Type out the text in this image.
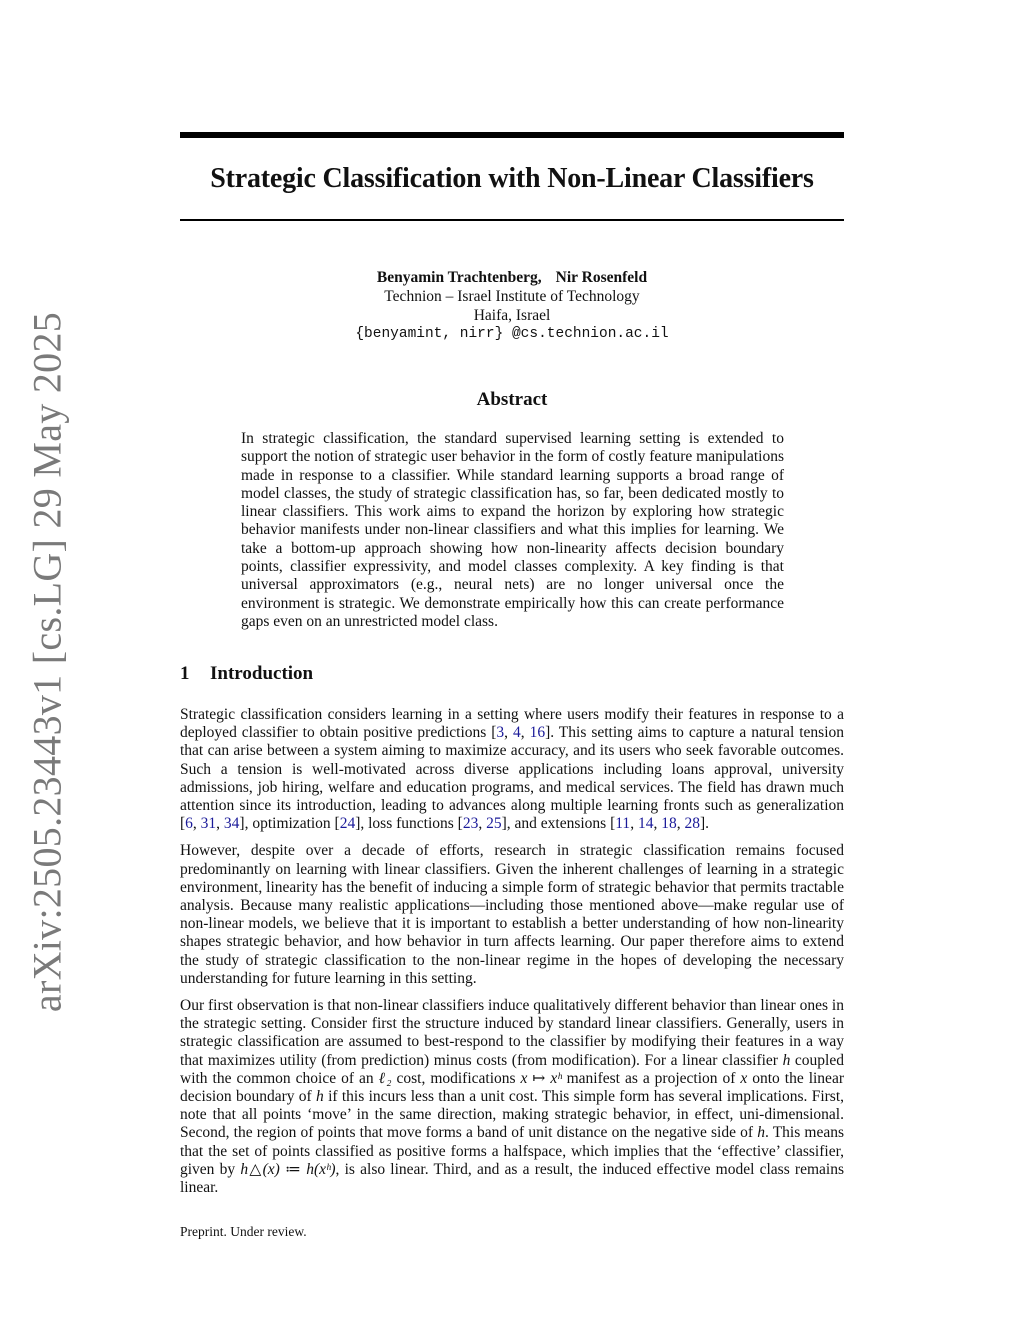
arXiv:2505.23443v1 [cs.LG] 29 May 2025
Strategic Classification with Non-Linear Classifiers
Benyamin Trachtenberg, Nir Rosenfeld
Technion – Israel Institute of Technology
Haifa, Israel
{benyamint, nirr} @cs.technion.ac.il
Abstract

In strategic classification, the standard supervised learning setting is extended to support the notion of strategic user behavior in the form of costly feature manipulations made in response to a classifier. While standard learning supports a broad range of model classes, the study of strategic classification has, so far, been dedicated mostly to linear classifiers. This work aims to expand the horizon by exploring how strategic behavior manifests under non-linear classifiers and what this implies for learning. We take a bottom-up approach showing how non-linearity affects decision boundary points, classifier expressivity, and model classes complexity. A key finding is that universal approximators (e.g., neural nets) are no longer universal once the environment is strategic. We demonstrate empirically how this can create performance gaps even on an unrestricted model class.

1 Introduction

Strategic classification considers learning in a setting where users modify their features in response to a deployed classifier to obtain positive predictions [3, 4, 16]. This setting aims to capture a natural tension that can arise between a system aiming to maximize accuracy, and its users who seek favorable outcomes. Such a tension is well-motivated across diverse applications including loans approval, university admissions, job hiring, welfare and education programs, and medical services. The field has drawn much attention since its introduction, leading to advances along multiple learning fronts such as generalization [6, 31, 34], optimization [24], loss functions [23, 25], and extensions [11, 14, 18, 28].

However, despite over a decade of efforts, research in strategic classification remains focused predominantly on learning with linear classifiers. Given the inherent challenges of learning in a strategic environment, linearity has the benefit of inducing a simple form of strategic behavior that permits tractable analysis. Because many realistic applications—including those mentioned above—make regular use of non-linear models, we believe that it is important to establish a better understanding of how non-linearity shapes strategic behavior, and how behavior in turn affects learning. Our paper therefore aims to extend the study of strategic classification to the non-linear regime in the hopes of developing the necessary understanding for future learning in this setting.

Our first observation is that non-linear classifiers induce qualitatively different behavior than linear ones in the strategic setting. Consider first the structure induced by standard linear classifiers. Generally, users in strategic classification are assumed to best-respond to the classifier by modifying their features in a way that maximizes utility (from prediction) minus costs (from modification). For a linear classifier h coupled with the common choice of an ℓ₂ cost, modifications x ↦ xʰ manifest as a projection of x onto the linear decision boundary of h if this incurs less than a unit cost. This simple form has several implications. First, note that all points ‘move’ in the same direction, making strategic behavior, in effect, uni-dimensional. Second, the region of points that move forms a band of unit distance on the negative side of h. This means that the set of points classified as positive forms a halfspace, which implies that the ‘effective’ classifier, given by h△(x) ≔ h(xʰ), is also linear. Third, and as a result, the induced effective model class remains linear.

Preprint. Under review.
